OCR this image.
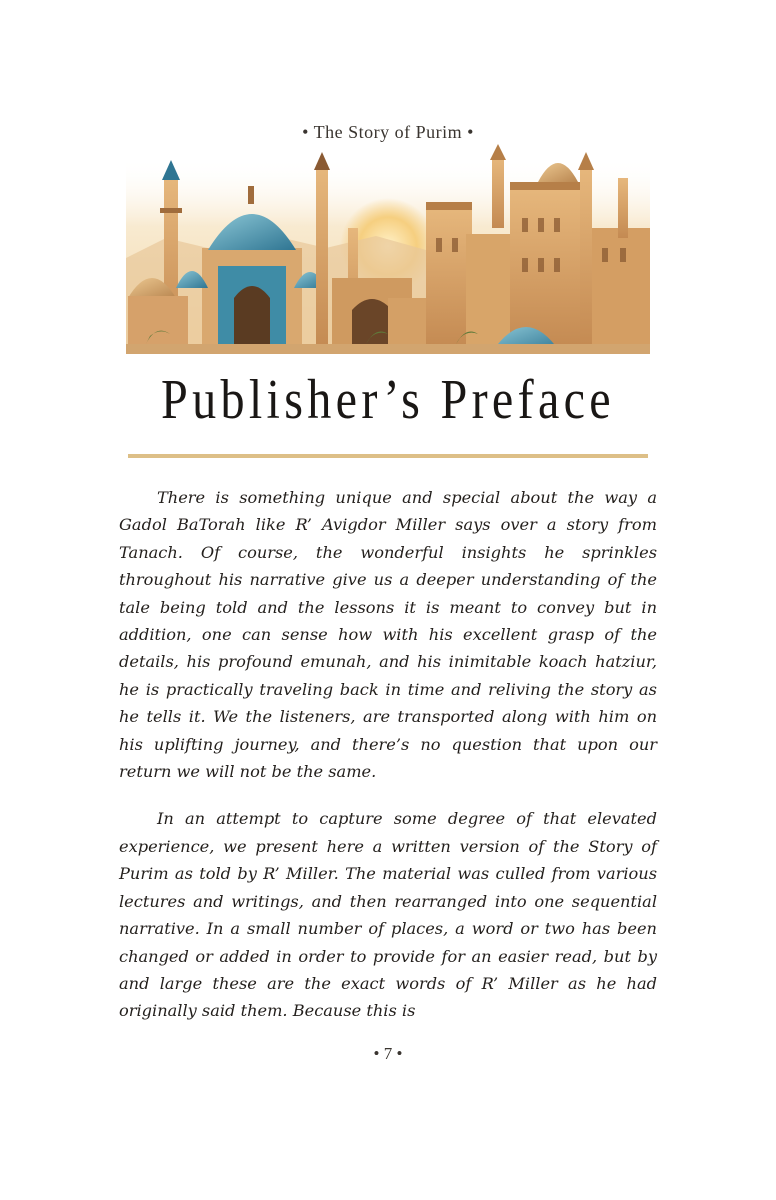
• The Story of Purim •
Publisher’s Preface

There is something unique and special about the way a Gadol BaTorah like R’ Avigdor Miller says over a story from Tanach. Of course, the wonderful insights he sprinkles throughout his narrative give us a deeper understanding of the tale being told and the lessons it is meant to convey but in addition, one can sense how with his excellent grasp of the details, his profound emunah, and his inimitable koach hatziur, he is practically traveling back in time and reliving the story as he tells it. We the listeners, are transported along with him on his uplifting journey, and there’s no question that upon our return we will not be the same.

In an attempt to capture some degree of that elevated experience, we present here a written version of the Story of Purim as told by R’ Miller. The material was culled from various lectures and writings, and then rearranged into one sequential narrative. In a small number of places, a word or two has been changed or added in order to provide for an easier read, but by and large these are the exact words of R’ Miller as he had originally said them. Because this is

• 7 •
